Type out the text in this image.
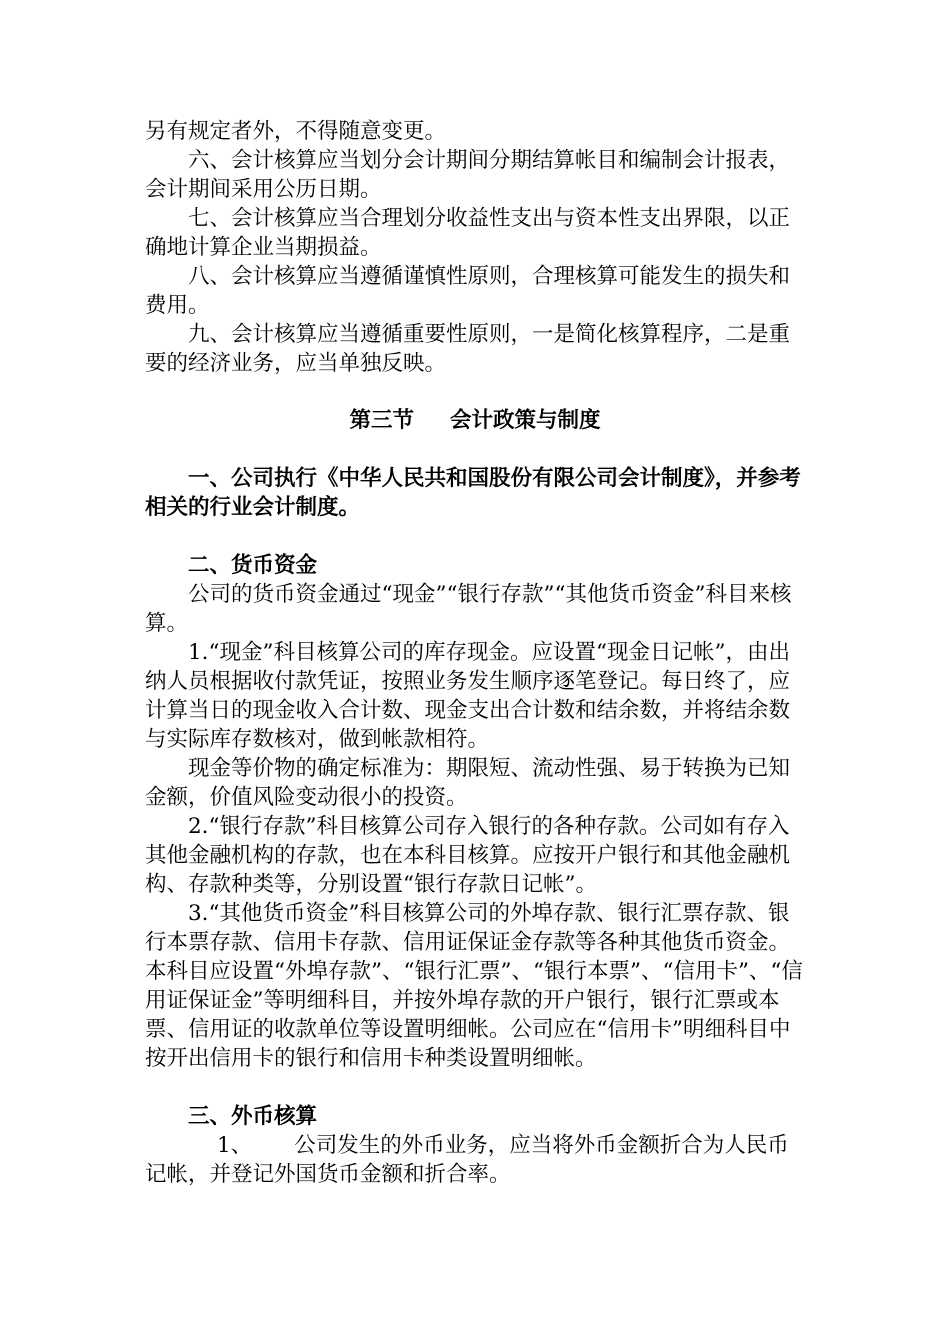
另有规定者外，不得随意变更。

六、会计核算应当划分会计期间分期结算帐目和编制会计报表，会计期间采用公历日期。

七、会计核算应当合理划分收益性支出与资本性支出界限，以正确地计算企业当期损益。

八、会计核算应当遵循谨慎性原则，合理核算可能发生的损失和费用。

九、会计核算应当遵循重要性原则，一是简化核算程序，二是重要的经济业务，应当单独反映。

第三节 会计政策与制度

一、公司执行《中华人民共和国股份有限公司会计制度》，并参考相关的行业会计制度。

二、货币资金

公司的货币资金通过“现金”“银行存款”“其他货币资金”科目来核算。

1.“现金”科目核算公司的库存现金。应设置“现金日记帐”，由出纳人员根据收付款凭证，按照业务发生顺序逐笔登记。每日终了，应计算当日的现金收入合计数、现金支出合计数和结余数，并将结余数与实际库存数核对，做到帐款相符。

现金等价物的确定标准为：期限短、流动性强、易于转换为已知金额，价值风险变动很小的投资。

2.“银行存款”科目核算公司存入银行的各种存款。公司如有存入其他金融机构的存款，也在本科目核算。应按开户银行和其他金融机构、存款种类等，分别设置“银行存款日记帐”。

3.“其他货币资金”科目核算公司的外埠存款、银行汇票存款、银行本票存款、信用卡存款、信用证保证金存款等各种其他货币资金。本科目应设置“外埠存款”、“银行汇票”、“银行本票”、“信用卡”、“信用证保证金”等明细科目，并按外埠存款的开户银行，银行汇票或本票、信用证的收款单位等设置明细帐。公司应在“信用卡”明细科目中按开出信用卡的银行和信用卡种类设置明细帐。

三、外币核算

1、 公司发生的外币业务，应当将外币金额折合为人民币记帐，并登记外国货币金额和折合率。
